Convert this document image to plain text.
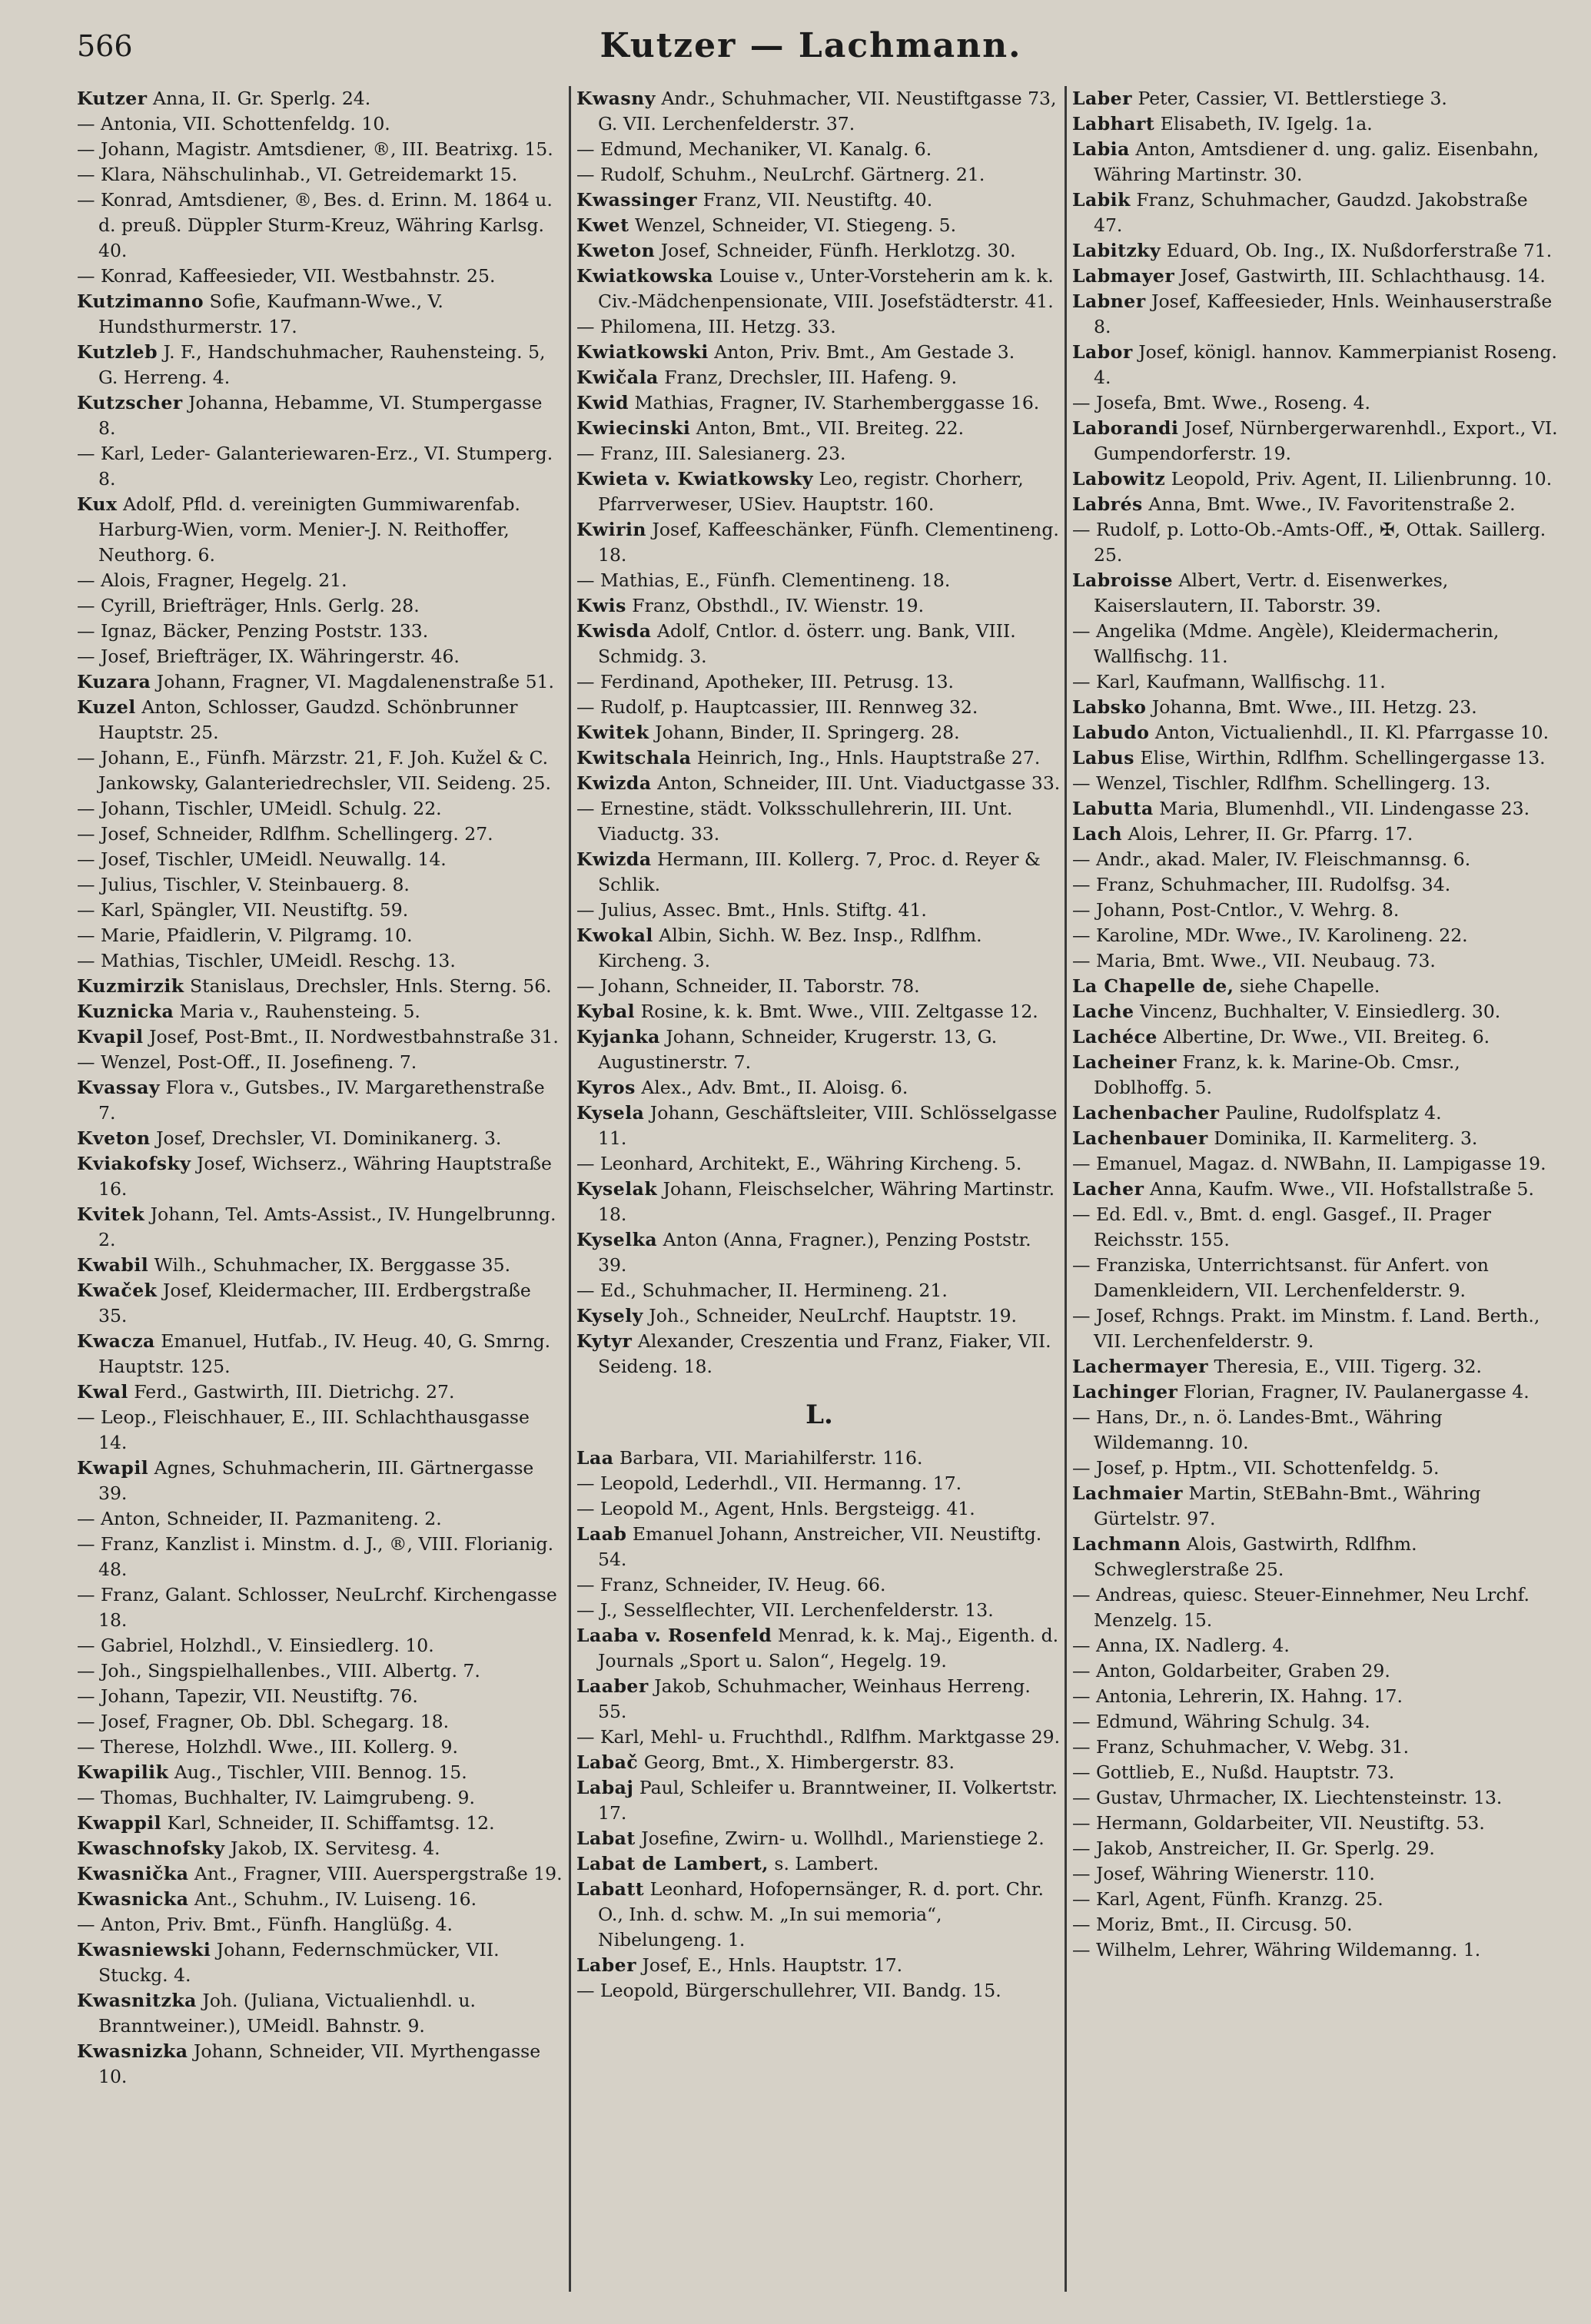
566	Kutzer — Lachmann.
Kutzer Anna, II. Gr. Sperlg. 24.
— Antonia, VII. Schottenfeldg. 10.
— Johann, Magistr. Amtsdiener, ®, III. Beatrixg. 15.
— Klara, Nähschulinhab., VI. Getreidemarkt 15.
— Konrad, Amtsdiener, ®, Bes. d. Erinn. M. 1864 u. d. preuß. Düppler Sturm-Kreuz, Währing Karlsg. 40.
— Konrad, Kaffeesieder, VII. Westbahnstr. 25.
Kutzimanno Sofie, Kaufmann-Wwe., V. Hundsthurmerstr. 17.
Kutzleb J. F., Handschuhmacher, Rauhensteing. 5, G. Herreng. 4.
Kutzscher Johanna, Hebamme, VI. Stumpergasse 8.
— Karl, Leder- Galanteriewaren-Erz., VI. Stumperg. 8.
Kux Adolf, Pfld. d. vereinigten Gummiwarenfab. Harburg-Wien, vorm. Menier-J. N. Reithoffer, Neuthorg. 6.
— Alois, Fragner, Hegelg. 21.
— Cyrill, Briefträger, Hnls. Gerlg. 28.
— Ignaz, Bäcker, Penzing Poststr. 133.
— Josef, Briefträger, IX. Währingerstr. 46.
Kuzara Johann, Fragner, VI. Magdalenenstraße 51.
Kuzel Anton, Schlosser, Gaudzd. Schönbrunner Hauptstr. 25.
— Johann, E., Fünfh. Märzstr. 21, F. Joh. Kužel & C. Jankowsky, Galanteriedrechsler, VII. Seideng. 25.
— Johann, Tischler, UMeidl. Schulg. 22.
— Josef, Schneider, Rdlfhm. Schellingerg. 27.
— Josef, Tischler, UMeidl. Neuwallg. 14.
— Julius, Tischler, V. Steinbauerg. 8.
— Karl, Spängler, VII. Neustiftg. 59.
— Marie, Pfaidlerin, V. Pilgramg. 10.
— Mathias, Tischler, UMeidl. Reschg. 13.
Kuzmirzik Stanislaus, Drechsler, Hnls. Sterng. 56.
Kuznicka Maria v., Rauhensteing. 5.
Kvapil Josef, Post-Bmt., II. Nordwestbahnstraße 31.
— Wenzel, Post-Off., II. Josefineng. 7.
Kvassay Flora v., Gutsbes., IV. Margarethenstraße 7.
Kveton Josef, Drechsler, VI. Dominikanerg. 3.
Kviakofsky Josef, Wichserz., Währing Hauptstraße 16.
Kvitek Johann, Tel. Amts-Assist., IV. Hungelbrunng. 2.
Kwabil Wilh., Schuhmacher, IX. Berggasse 35.
Kwaček Josef, Kleidermacher, III. Erdbergstraße 35.
Kwacza Emanuel, Hutfab., IV. Heug. 40, G. Smrng. Hauptstr. 125.
Kwal Ferd., Gastwirth, III. Dietrichg. 27.
— Leop., Fleischhauer, E., III. Schlachthausgasse 14.
Kwapil Agnes, Schuhmacherin, III. Gärtnergasse 39.
— Anton, Schneider, II. Pazmaniteng. 2.
— Franz, Kanzlist i. Minstm. d. J., ®, VIII. Florianig. 48.
— Franz, Galant. Schlosser, NeuLrchf. Kirchengasse 18.
— Gabriel, Holzhdl., V. Einsiedlerg. 10.
— Joh., Singspielhallenbes., VIII. Albertg. 7.
— Johann, Tapezir, VII. Neustiftg. 76.
— Josef, Fragner, Ob. Dbl. Schegarg. 18.
— Therese, Holzhdl. Wwe., III. Kollerg. 9.
Kwapilik Aug., Tischler, VIII. Bennog. 15.
— Thomas, Buchhalter, IV. Laimgrubeng. 9.
Kwappil Karl, Schneider, II. Schiffamtsg. 12.
Kwaschnofsky Jakob, IX. Servitesg. 4.
Kwasnička Ant., Fragner, VIII. Auerspergstraße 19.
Kwasnicka Ant., Schuhm., IV. Luiseng. 16.
— Anton, Priv. Bmt., Fünfh. Hanglüßg. 4.
Kwasniewski Johann, Federnschmücker, VII. Stuckg. 4.
Kwasnitzka Joh. (Juliana, Victualienhdl. u. Branntweiner.), UMeidl. Bahnstr. 9.
Kwasnizka Johann, Schneider, VII. Myrthengasse 10.
Kwasny Andr., Schuhmacher, VII. Neustiftgasse 73, G. VII. Lerchenfelderstr. 37.
— Edmund, Mechaniker, VI. Kanalg. 6.
— Rudolf, Schuhm., NeuLrchf. Gärtnerg. 21.
Kwassinger Franz, VII. Neustiftg. 40.
Kwet Wenzel, Schneider, VI. Stiegeng. 5.
Kweton Josef, Schneider, Fünfh. Herklotzg. 30.
Kwiatkowska Louise v., Unter-Vorsteherin am k. k. Civ.-Mädchenpensionate, VIII. Josefstädterstr. 41.
— Philomena, III. Hetzg. 33.
Kwiatkowski Anton, Priv. Bmt., Am Gestade 3.
Kwičala Franz, Drechsler, III. Hafeng. 9.
Kwid Mathias, Fragner, IV. Starhemberggasse 16.
Kwiecinski Anton, Bmt., VII. Breiteg. 22.
— Franz, III. Salesianerg. 23.
Kwieta v. Kwiatkowsky Leo, registr. Chorherr, Pfarrverweser, USiev. Hauptstr. 160.
Kwirin Josef, Kaffeeschänker, Fünfh. Clementineng. 18.
— Mathias, E., Fünfh. Clementineng. 18.
Kwis Franz, Obsthdl., IV. Wienstr. 19.
Kwisda Adolf, Cntlor. d. österr. ung. Bank, VIII. Schmidg. 3.
— Ferdinand, Apotheker, III. Petrusg. 13.
— Rudolf, p. Hauptcassier, III. Rennweg 32.
Kwitek Johann, Binder, II. Springerg. 28.
Kwitschala Heinrich, Ing., Hnls. Hauptstraße 27.
Kwizda Anton, Schneider, III. Unt. Viaductgasse 33.
— Ernestine, städt. Volksschullehrerin, III. Unt. Viaductg. 33.
Kwizda Hermann, III. Kollerg. 7, Proc. d. Reyer & Schlik.
— Julius, Assec. Bmt., Hnls. Stiftg. 41.
Kwokal Albin, Sichh. W. Bez. Insp., Rdlfhm. Kircheng. 3.
— Johann, Schneider, II. Taborstr. 78.
Kybal Rosine, k. k. Bmt. Wwe., VIII. Zeltgasse 12.
Kyjanka Johann, Schneider, Krugerstr. 13, G. Augustinerstr. 7.
Kyros Alex., Adv. Bmt., II. Aloisg. 6.
Kysela Johann, Geschäftsleiter, VIII. Schlösselgasse 11.
— Leonhard, Architekt, E., Währing Kircheng. 5.
Kyselak Johann, Fleischselcher, Währing Martinstr. 18.
Kyselka Anton (Anna, Fragner.), Penzing Poststr. 39.
— Ed., Schuhmacher, II. Hermineng. 21.
Kysely Joh., Schneider, NeuLrchf. Hauptstr. 19.
Kytyr Alexander, Creszentia und Franz, Fiaker, VII. Seideng. 18.
L.
Laa Barbara, VII. Mariahilferstr. 116.
— Leopold, Lederhdl., VII. Hermanng. 17.
— Leopold M., Agent, Hnls. Bergsteigg. 41.
Laab Emanuel Johann, Anstreicher, VII. Neustiftg. 54.
— Franz, Schneider, IV. Heug. 66.
— J., Sesselflechter, VII. Lerchenfelderstr. 13.
Laaba v. Rosenfeld Menrad, k. k. Maj., Eigenth. d. Journals „Sport u. Salon“, Hegelg. 19.
Laaber Jakob, Schuhmacher, Weinhaus Herreng. 55.
— Karl, Mehl- u. Fruchthdl., Rdlfhm. Marktgasse 29.
Labač Georg, Bmt., X. Himbergerstr. 83.
Labaj Paul, Schleifer u. Branntweiner, II. Volkertstr. 17.
Labat Josefine, Zwirn- u. Wollhdl., Marienstiege 2.
Labat de Lambert, s. Lambert.
Labatt Leonhard, Hofopernsänger, R. d. port. Chr. O., Inh. d. schw. M. „In sui memoria“, Nibelungeng. 1.
Laber Josef, E., Hnls. Hauptstr. 17.
— Leopold, Bürgerschullehrer, VII. Bandg. 15.
Laber Peter, Cassier, VI. Bettlerstiege 3.
Labhart Elisabeth, IV. Igelg. 1a.
Labia Anton, Amtsdiener d. ung. galiz. Eisenbahn, Währing Martinstr. 30.
Labik Franz, Schuhmacher, Gaudzd. Jakobstraße 47.
Labitzky Eduard, Ob. Ing., IX. Nußdorferstraße 71.
Labmayer Josef, Gastwirth, III. Schlachthausg. 14.
Labner Josef, Kaffeesieder, Hnls. Weinhauserstraße 8.
Labor Josef, königl. hannov. Kammerpianist Roseng. 4.
— Josefa, Bmt. Wwe., Roseng. 4.
Laborandi Josef, Nürnbergerwarenhdl., Export., VI. Gumpendorferstr. 19.
Labowitz Leopold, Priv. Agent, II. Lilienbrunng. 10.
Labrés Anna, Bmt. Wwe., IV. Favoritenstraße 2.
— Rudolf, p. Lotto-Ob.-Amts-Off., ✠, Ottak. Saillerg. 25.
Labroisse Albert, Vertr. d. Eisenwerkes, Kaiserslautern, II. Taborstr. 39.
— Angelika (Mdme. Angèle), Kleidermacherin, Wallfischg. 11.
— Karl, Kaufmann, Wallfischg. 11.
Labsko Johanna, Bmt. Wwe., III. Hetzg. 23.
Labudo Anton, Victualienhdl., II. Kl. Pfarrgasse 10.
Labus Elise, Wirthin, Rdlfhm. Schellingergasse 13.
— Wenzel, Tischler, Rdlfhm. Schellingerg. 13.
Labutta Maria, Blumenhdl., VII. Lindengasse 23.
Lach Alois, Lehrer, II. Gr. Pfarrg. 17.
— Andr., akad. Maler, IV. Fleischmannsg. 6.
— Franz, Schuhmacher, III. Rudolfsg. 34.
— Johann, Post-Cntlor., V. Wehrg. 8.
— Karoline, MDr. Wwe., IV. Karolineng. 22.
— Maria, Bmt. Wwe., VII. Neubaug. 73.
La Chapelle de, siehe Chapelle.
Lache Vincenz, Buchhalter, V. Einsiedlerg. 30.
Lachéce Albertine, Dr. Wwe., VII. Breiteg. 6.
Lacheiner Franz, k. k. Marine-Ob. Cmsr., Doblhoffg. 5.
Lachenbacher Pauline, Rudolfsplatz 4.
Lachenbauer Dominika, II. Karmeliterg. 3.
— Emanuel, Magaz. d. NWBahn, II. Lampigasse 19.
Lacher Anna, Kaufm. Wwe., VII. Hofstallstraße 5.
— Ed. Edl. v., Bmt. d. engl. Gasgef., II. Prager Reichsstr. 155.
— Franziska, Unterrichtsanst. für Anfert. von Damenkleidern, VII. Lerchenfelderstr. 9.
— Josef, Rchngs. Prakt. im Minstm. f. Land. Berth., VII. Lerchenfelderstr. 9.
Lachermayer Theresia, E., VIII. Tigerg. 32.
Lachinger Florian, Fragner, IV. Paulanergasse 4.
— Hans, Dr., n. ö. Landes-Bmt., Währing Wildemanng. 10.
— Josef, p. Hptm., VII. Schottenfeldg. 5.
Lachmaier Martin, StEBahn-Bmt., Währing Gürtelstr. 97.
Lachmann Alois, Gastwirth, Rdlfhm. Schweglerstraße 25.
— Andreas, quiesc. Steuer-Einnehmer, Neu Lrchf. Menzelg. 15.
— Anna, IX. Nadlerg. 4.
— Anton, Goldarbeiter, Graben 29.
— Antonia, Lehrerin, IX. Hahng. 17.
— Edmund, Währing Schulg. 34.
— Franz, Schuhmacher, V. Webg. 31.
— Gottlieb, E., Nußd. Hauptstr. 73.
— Gustav, Uhrmacher, IX. Liechtensteinstr. 13.
— Hermann, Goldarbeiter, VII. Neustiftg. 53.
— Jakob, Anstreicher, II. Gr. Sperlg. 29.
— Josef, Währing Wienerstr. 110.
— Karl, Agent, Fünfh. Kranzg. 25.
— Moriz, Bmt., II. Circusg. 50.
— Wilhelm, Lehrer, Währing Wildemanng. 1.
